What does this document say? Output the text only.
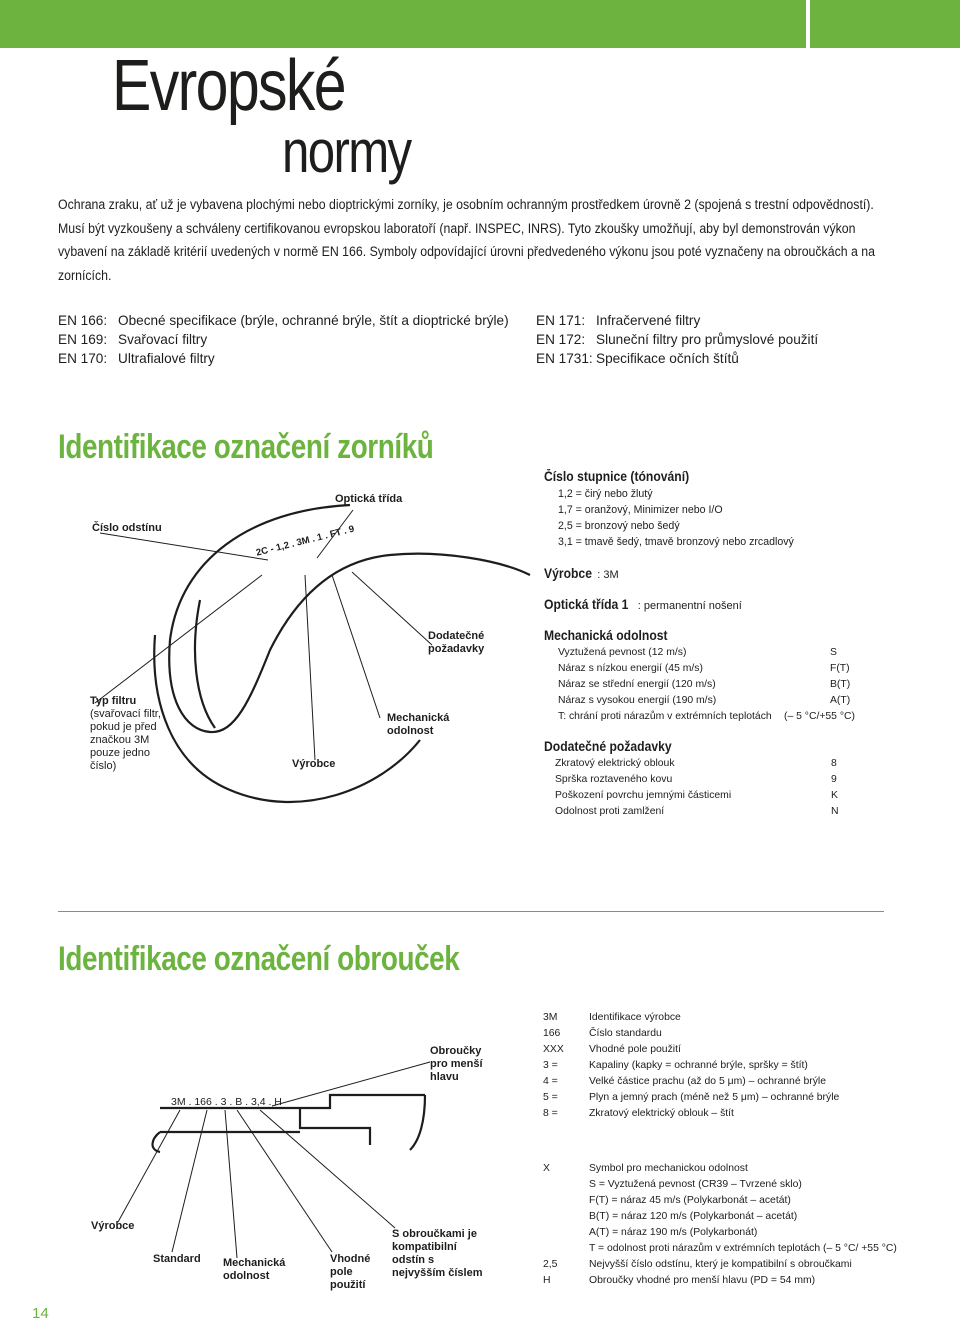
Evropské
normy
Ochrana zraku, ať už je vybavena plochými nebo dioptrickými zorníky, je osobním ochranným prostředkem úrovně 2 (spojená s trestní odpovědností). Musí být vyzkoušeny a schváleny certifikovanou evropskou laboratoří (např. INSPEC, INRS). Tyto zkoušky umožňují, aby byl demonstrován výkon vybavení na základě kritérií uvedených v normě EN 166. Symboly odpovídající úrovni předvedeného výkonu jsou poté vyznačeny na obroučkách a na zornících.
EN 166: Obecné specifikace (brýle, ochranné brýle, štít a dioptrické brýle)
EN 169: Svařovací filtry
EN 170: Ultrafialové filtry
EN 171: Infračervené filtry
EN 172: Sluneční filtry pro průmyslové použití
EN 1731: Specifikace očních štítů
Identifikace označení zorníků
2C - 1,2 . 3M . 1 . FT . 9
Optická třída
Číslo odstínu
Dodatečné požadavky
Typ filtru
(svařovací filtr, pokud je před značkou 3M pouze jedno číslo)
Mechanická odolnost
Výrobce
Číslo stupnice (tónování)
1,2 = čirý nebo žlutý
1,7 = oranžový, Minimizer nebo I/O
2,5 = bronzový nebo šedý
3,1 = tmavě šedý, tmavě bronzový nebo zrcadlový
Výrobce : 3M
Optická třída 1 : permanentní nošení
Mechanická odolnost
Vyztužená pevnost (12 m/s)	S
Náraz s nízkou energií (45 m/s)	F(T)
Náraz se střední energií (120 m/s)	B(T)
Náraz s vysokou energií (190 m/s)	A(T)
T: chrání proti nárazům v extrémních teplotách (– 5 °C/+55 °C)
Dodatečné požadavky
Zkratový elektrický oblouk	8
Sprška roztaveného kovu	9
Poškození povrchu jemnými částicemi	K
Odolnost proti zamlžení	N
Identifikace označení obrouček
3M . 166 . 3 . B . 3,4 . H
Obroučky pro menší hlavu
Výrobce
Standard Mechanická odolnost
Vhodné pole použití
S obroučkami je kompatibilní odstín s nejvyšším číslem
3M	Identifikace výrobce
166	Číslo standardu
XXX Vhodné pole použití
3 =	Kapaliny (kapky = ochranné brýle, spršky = štít)
4 =	Velké částice prachu (až do 5 μm) – ochranné brýle
5 =	Plyn a jemný prach (méně než 5 μm) – ochranné brýle
8 =	Zkratový elektrický oblouk – štít
X	Symbol pro mechanickou odolnost
S = Vyztužená pevnost (CR39 – Tvrzené sklo)
F(T) = náraz 45 m/s (Polykarbonát – acetát)
B(T) = náraz 120 m/s (Polykarbonát – acetát)
A(T) = náraz 190 m/s (Polykarbonát)
T = odolnost proti nárazům v extrémních teplotách (– 5 °C/ +55 °C)
2,5	Nejvyšší číslo odstínu, který je kompatibilní s obroučkami
H	Obroučky vhodné pro menší hlavu (PD = 54 mm)
14
